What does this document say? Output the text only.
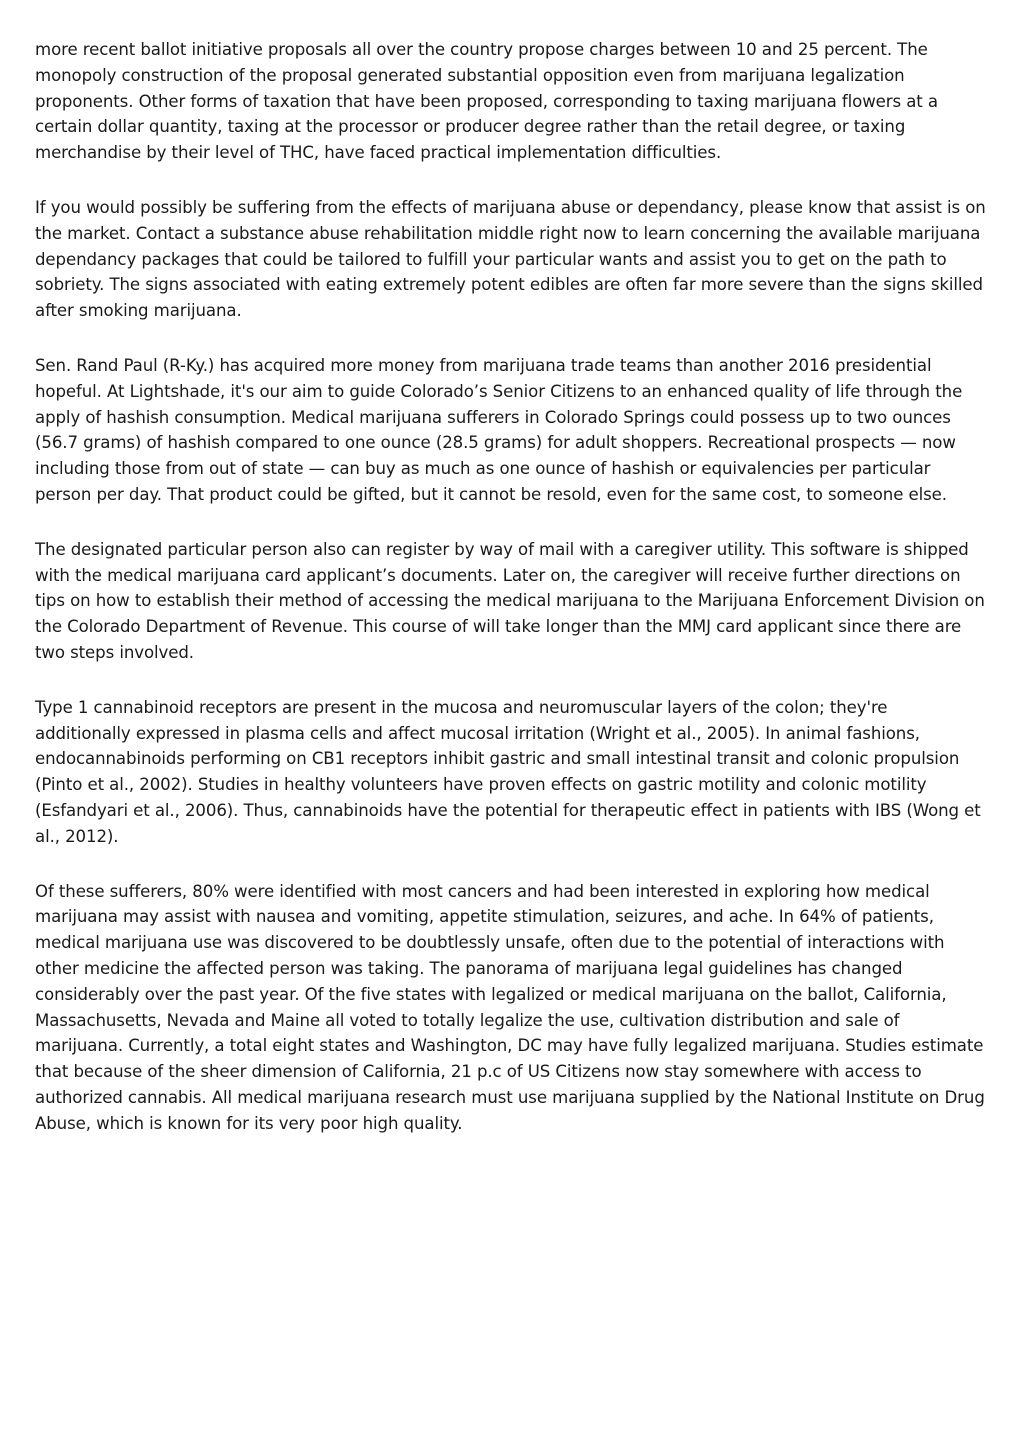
more recent ballot initiative proposals all over the country propose charges between 10 and 25 percent. The monopoly construction of the proposal generated substantial opposition even from marijuana legalization proponents. Other forms of taxation that have been proposed, corresponding to taxing marijuana flowers at a certain dollar quantity, taxing at the processor or producer degree rather than the retail degree, or taxing merchandise by their level of THC, have faced practical implementation difficulties.

If you would possibly be suffering from the effects of marijuana abuse or dependancy, please know that assist is on the market. Contact a substance abuse rehabilitation middle right now to learn concerning the available marijuana dependancy packages that could be tailored to fulfill your particular wants and assist you to get on the path to sobriety. The signs associated with eating extremely potent edibles are often far more severe than the signs skilled after smoking marijuana.

Sen. Rand Paul (R-Ky.) has acquired more money from marijuana trade teams than another 2016 presidential hopeful. At Lightshade, it's our aim to guide Colorado’s Senior Citizens to an enhanced quality of life through the apply of hashish consumption. Medical marijuana sufferers in Colorado Springs could possess up to two ounces (56.7 grams) of hashish compared to one ounce (28.5 grams) for adult shoppers. Recreational prospects — now including those from out of state — can buy as much as one ounce of hashish or equivalencies per particular person per day. That product could be gifted, but it cannot be resold, even for the same cost, to someone else.

The designated particular person also can register by way of mail with a caregiver utility. This software is shipped with the medical marijuana card applicant’s documents. Later on, the caregiver will receive further directions on tips on how to establish their method of accessing the medical marijuana to the Marijuana Enforcement Division on the Colorado Department of Revenue. This course of will take longer than the MMJ card applicant since there are two steps involved.

Type 1 cannabinoid receptors are present in the mucosa and neuromuscular layers of the colon; they're additionally expressed in plasma cells and affect mucosal irritation (Wright et al., 2005). In animal fashions, endocannabinoids performing on CB1 receptors inhibit gastric and small intestinal transit and colonic propulsion (Pinto et al., 2002). Studies in healthy volunteers have proven effects on gastric motility and colonic motility (Esfandyari et al., 2006). Thus, cannabinoids have the potential for therapeutic effect in patients with IBS (Wong et al., 2012).

Of these sufferers, 80% were identified with most cancers and had been interested in exploring how medical marijuana may assist with nausea and vomiting, appetite stimulation, seizures, and ache. In 64% of patients, medical marijuana use was discovered to be doubtlessly unsafe, often due to the potential of interactions with other medicine the affected person was taking. The panorama of marijuana legal guidelines has changed considerably over the past year. Of the five states with legalized or medical marijuana on the ballot, California, Massachusetts, Nevada and Maine all voted to totally legalize the use, cultivation distribution and sale of marijuana. Currently, a total eight states and Washington, DC may have fully legalized marijuana. Studies estimate that because of the sheer dimension of California, 21 p.c of US Citizens now stay somewhere with access to authorized cannabis. All medical marijuana research must use marijuana supplied by the National Institute on Drug Abuse, which is known for its very poor high quality.
